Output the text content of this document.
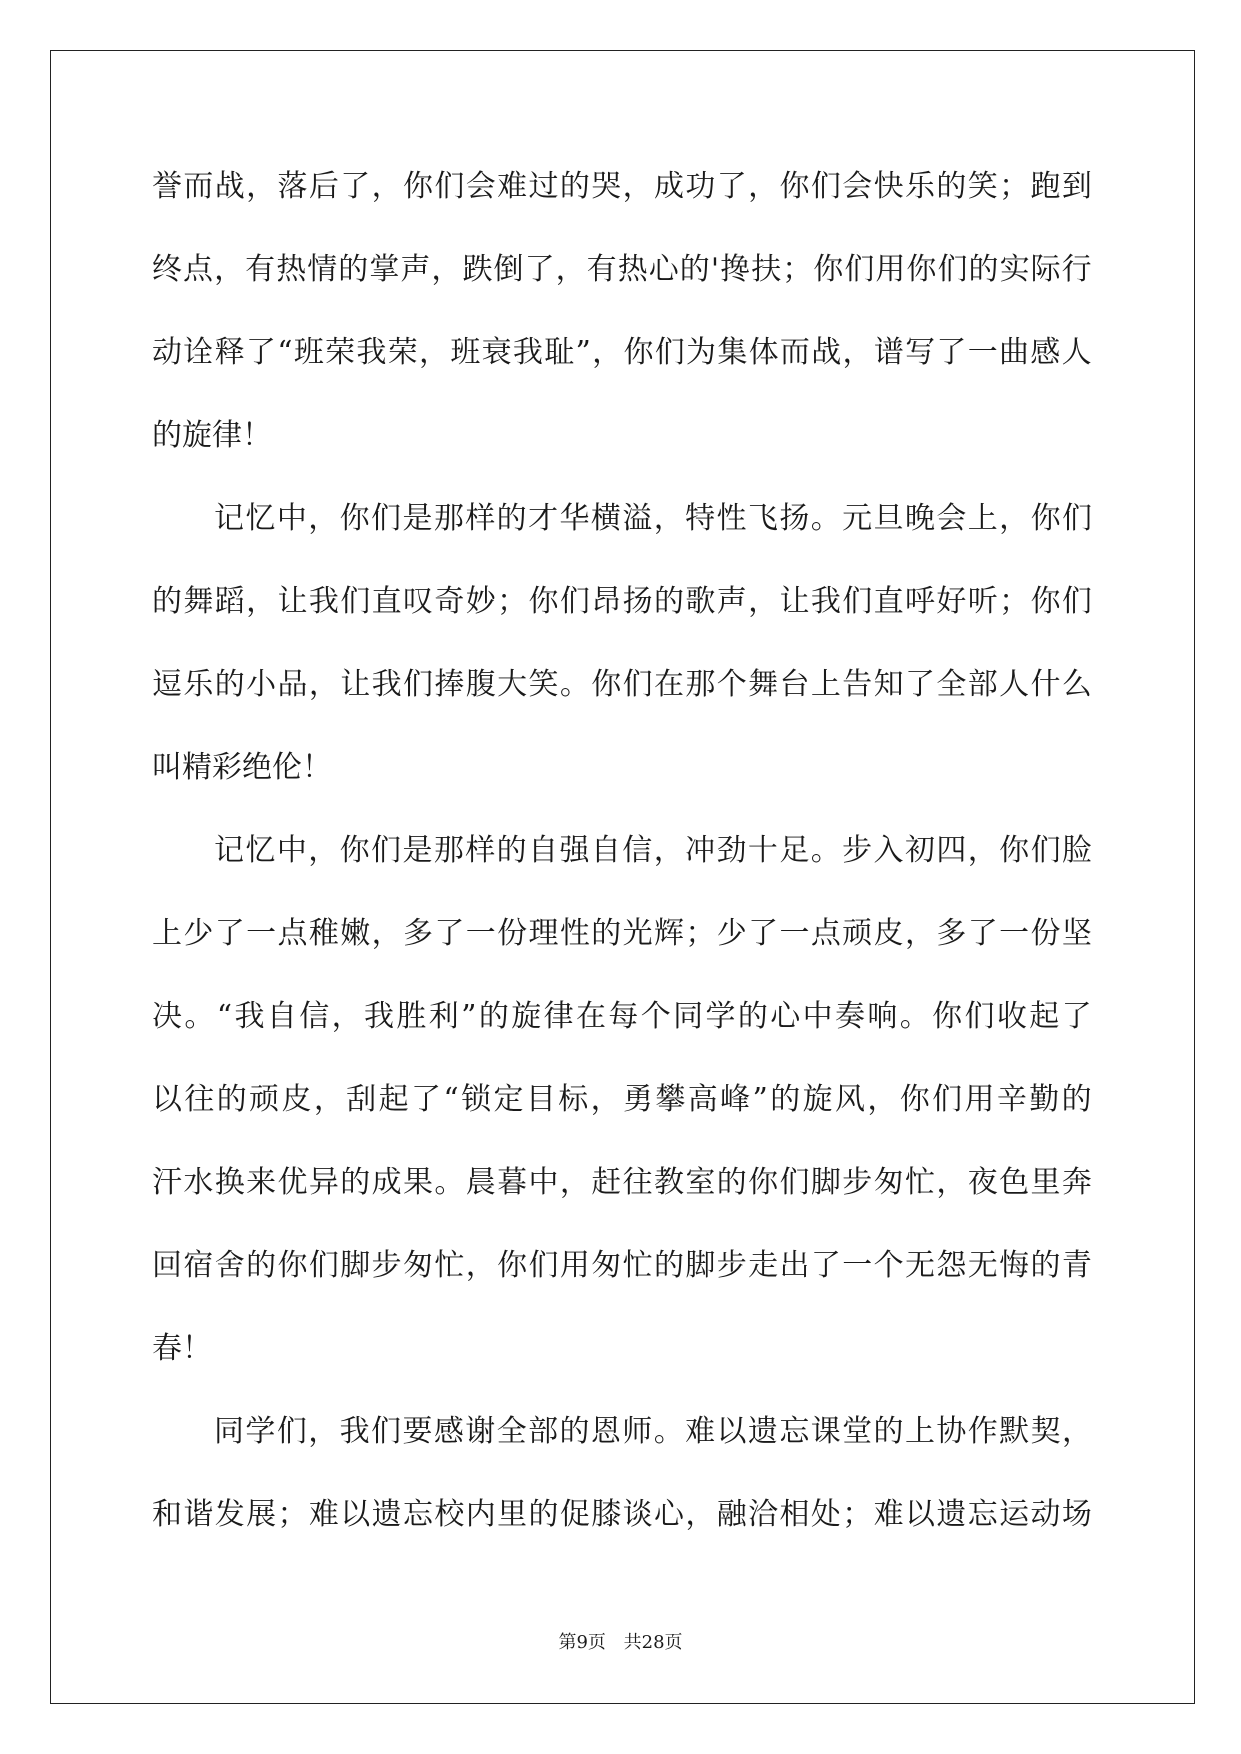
誉 而 战 ， 落 后 了 ， 你 们 会 难 过 的 哭 ， 成 功 了 ， 你 们 会 快 乐 的 笑 ； 跑 到
终 点 ， 有 热 情 的 掌 声 ， 跌 倒 了 ， 有 热 心 的 ' 搀 扶 ； 你 们 用 你 们 的 实 际 行
动 诠 释 了 “ 班 荣 我 荣 ， 班 衰 我 耻 ” ， 你 们 为 集 体 而 战 ， 谱 写 了 一 曲 感 人
的 旋 律 ！
记 忆 中 ， 你 们 是 那 样 的 才 华 横 溢 ， 特 性 飞 扬 。 元 旦 晚 会 上 ， 你 们
的 舞 蹈 ， 让 我 们 直 叹 奇 妙 ； 你 们 昂 扬 的 歌 声 ， 让 我 们 直 呼 好 听 ； 你 们
逗 乐 的 小 品 ， 让 我 们 捧 腹 大 笑 。 你 们 在 那 个 舞 台 上 告 知 了 全 部 人 什 么
叫 精 彩 绝 伦 ！
记 忆 中 ， 你 们 是 那 样 的 自 强 自 信 ， 冲 劲 十 足 。 步 入 初 四 ， 你 们 脸
上 少 了 一 点 稚 嫩 ， 多 了 一 份 理 性 的 光 辉 ； 少 了 一 点 顽 皮 ， 多 了 一 份 坚
决 。 “ 我 自 信 ， 我 胜 利 ” 的 旋 律 在 每 个 同 学 的 心 中 奏 响 。 你 们 收 起 了
以 往 的 顽 皮 ， 刮 起 了 “ 锁 定 目 标 ， 勇 攀 高 峰 ” 的 旋 风 ， 你 们 用 辛 勤 的
汗 水 换 来 优 异 的 成 果 。 晨 暮 中 ， 赶 往 教 室 的 你 们 脚 步 匆 忙 ， 夜 色 里 奔
回 宿 舍 的 你 们 脚 步 匆 忙 ， 你 们 用 匆 忙 的 脚 步 走 出 了 一 个 无 怨 无 悔 的 青
春 ！
同 学 们 ， 我 们 要 感 谢 全 部 的 恩 师 。 难 以 遗 忘 课 堂 的 上 协 作 默 契 ，
和 谐 发 展 ； 难 以 遗 忘 校 内 里 的 促 膝 谈 心 ， 融 洽 相 处 ； 难 以 遗 忘 运 动 场
第9页 共28页
